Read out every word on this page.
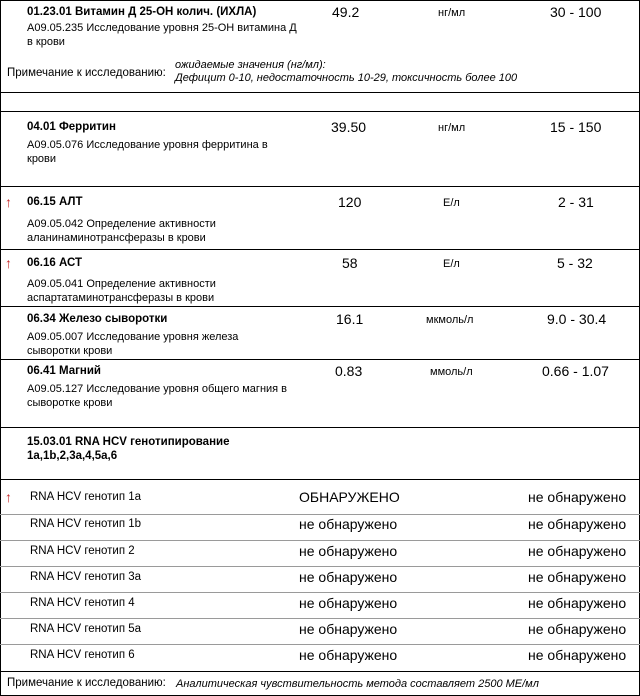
01.23.01 Витамин Д 25-ОН колич. (ИХЛА)
A09.05.235 Исследование уровня 25-ОН витамина Д в крови
49.2	нг/мл	30 - 100
Примечание к исследованию:
ожидаемые значения (нг/мл):
Дефицит 0-10, недостаточность 10-29, токсичность более 100
04.01 Ферритин
A09.05.076 Исследование уровня ферритина в крови
39.50	нг/мл	15 - 150
↑ 06.15 АЛТ
A09.05.042 Определение активности аланинаминотрансферазы в крови
120	Е/л	2 - 31
↑ 06.16 АСТ
A09.05.041 Определение активности аспартатаминотрансферазы в крови
58	Е/л	5 - 32
06.34 Железо сыворотки
A09.05.007 Исследование уровня железа сыворотки крови
16.1	мкмоль/л	9.0 - 30.4
06.41 Магний
A09.05.127 Исследование уровня общего магния в сыворотке крови
0.83	ммоль/л	0.66 - 1.07
15.03.01 RNA HCV генотипирование
1a,1b,2,3a,4,5a,6
↑ RNA HCV генотип 1a	ОБНАРУЖЕНО	не обнаружено
RNA HCV генотип 1b	не обнаружено	не обнаружено
RNA HCV генотип 2	не обнаружено	не обнаружено
RNA HCV генотип 3a	не обнаружено	не обнаружено
RNA HCV генотип 4	не обнаружено	не обнаружено
RNA HCV генотип 5a	не обнаружено	не обнаружено
RNA HCV генотип 6	не обнаружено	не обнаружено
Примечание к исследованию: Аналитическая чувствительность метода составляет 2500 МЕ/мл
